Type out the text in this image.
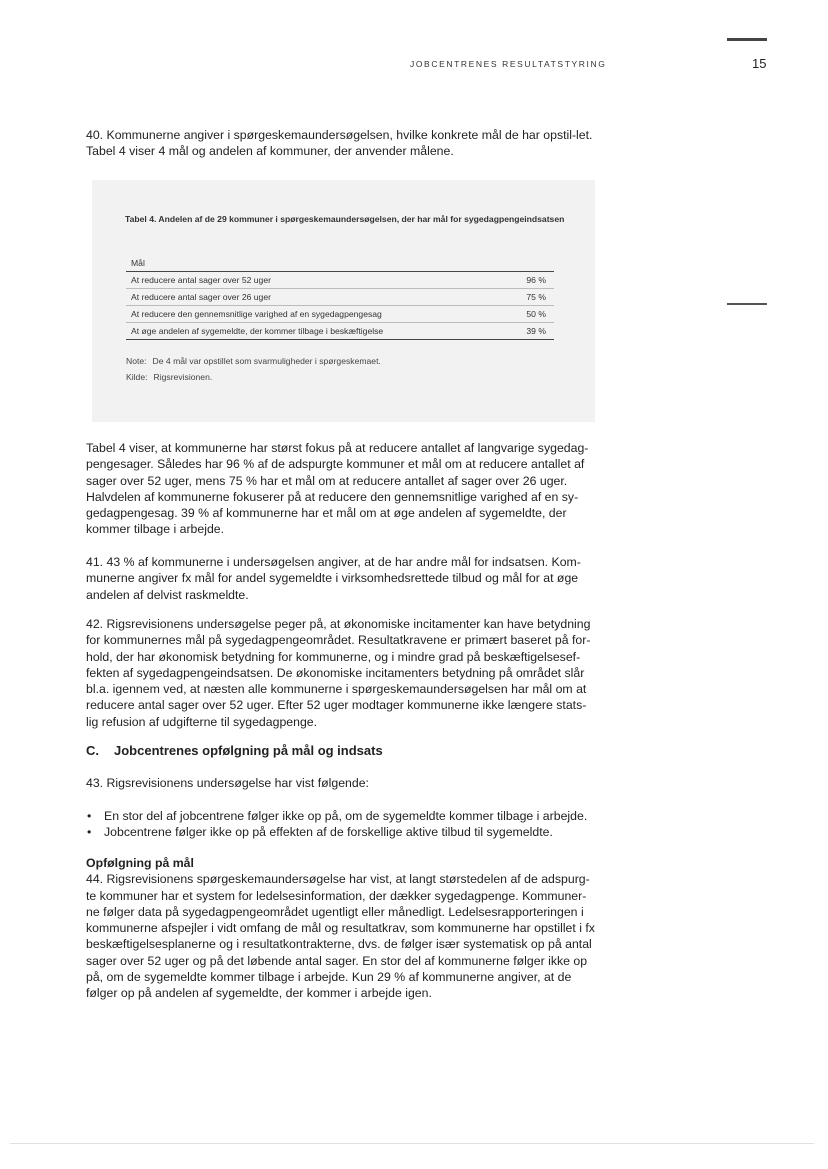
JOBCENTRENES RESULTATSTYRING	15

40. Kommunerne angiver i spørgeskemaundersøgelsen, hvilke konkrete mål de har opstil-let. Tabel 4 viser 4 mål og andelen af kommuner, der anvender målene.

Tabel 4. Andelen af de 29 kommuner i spørgeskemaundersøgelsen, der har mål for sygedagpengeindsatsen
Mål	
At reducere antal sager over 52 uger	96 %
At reducere antal sager over 26 uger	75 %
At reducere den gennemsnitlige varighed af en sygedagpengesag	50 %
At øge andelen af sygemeldte, der kommer tilbage i beskæftigelse	39 %
Note: De 4 mål var opstillet som svarmuligheder i spørgeskemaet.
Kilde: Rigsrevisionen.

Tabel 4 viser, at kommunerne har størst fokus på at reducere antallet af langvarige sygedag-pengesager. Således har 96 % af de adspurgte kommuner et mål om at reducere antallet af sager over 52 uger, mens 75 % har et mål om at reducere antallet af sager over 26 uger. Halvdelen af kommunerne fokuserer på at reducere den gennemsnitlige varighed af en sy-gedagpengesag. 39 % af kommunerne har et mål om at øge andelen af sygemeldte, der kommer tilbage i arbejde.

41. 43 % af kommunerne i undersøgelsen angiver, at de har andre mål for indsatsen. Kom-munerne angiver fx mål for andel sygemeldte i virksomhedsrettede tilbud og mål for at øge andelen af delvist raskmeldte.

42. Rigsrevisionens undersøgelse peger på, at økonomiske incitamenter kan have betydning for kommunernes mål på sygedagpengeområdet. Resultatkravene er primært baseret på for-hold, der har økonomisk betydning for kommunerne, og i mindre grad på beskæftigelsesef-fekten af sygedagpengeindsatsen. De økonomiske incitamenters betydning på området slår bl.a. igennem ved, at næsten alle kommunerne i spørgeskemaundersøgelsen har mål om at reducere antal sager over 52 uger. Efter 52 uger modtager kommunerne ikke længere stats-lig refusion af udgifterne til sygedagpenge.

C. Jobcentrenes opfølgning på mål og indsats

43. Rigsrevisionens undersøgelse har vist følgende:

• En stor del af jobcentrene følger ikke op på, om de sygemeldte kommer tilbage i arbejde.
• Jobcentrene følger ikke op på effekten af de forskellige aktive tilbud til sygemeldte.

Opfølgning på mål

44. Rigsrevisionens spørgeskemaundersøgelse har vist, at langt størstedelen af de adspurg-te kommuner har et system for ledelsesinformation, der dækker sygedagpenge. Kommuner-ne følger data på sygedagpengeområdet ugentligt eller månedligt. Ledelsesrapporteringen i kommunerne afspejler i vidt omfang de mål og resultatkrav, som kommunerne har opstillet i fx beskæftigelsesplanerne og i resultatkontrakterne, dvs. de følger især systematisk op på antal sager over 52 uger og på det løbende antal sager. En stor del af kommunerne følger ikke op på, om de sygemeldte kommer tilbage i arbejde. Kun 29 % af kommunerne angiver, at de følger op på andelen af sygemeldte, der kommer i arbejde igen.
